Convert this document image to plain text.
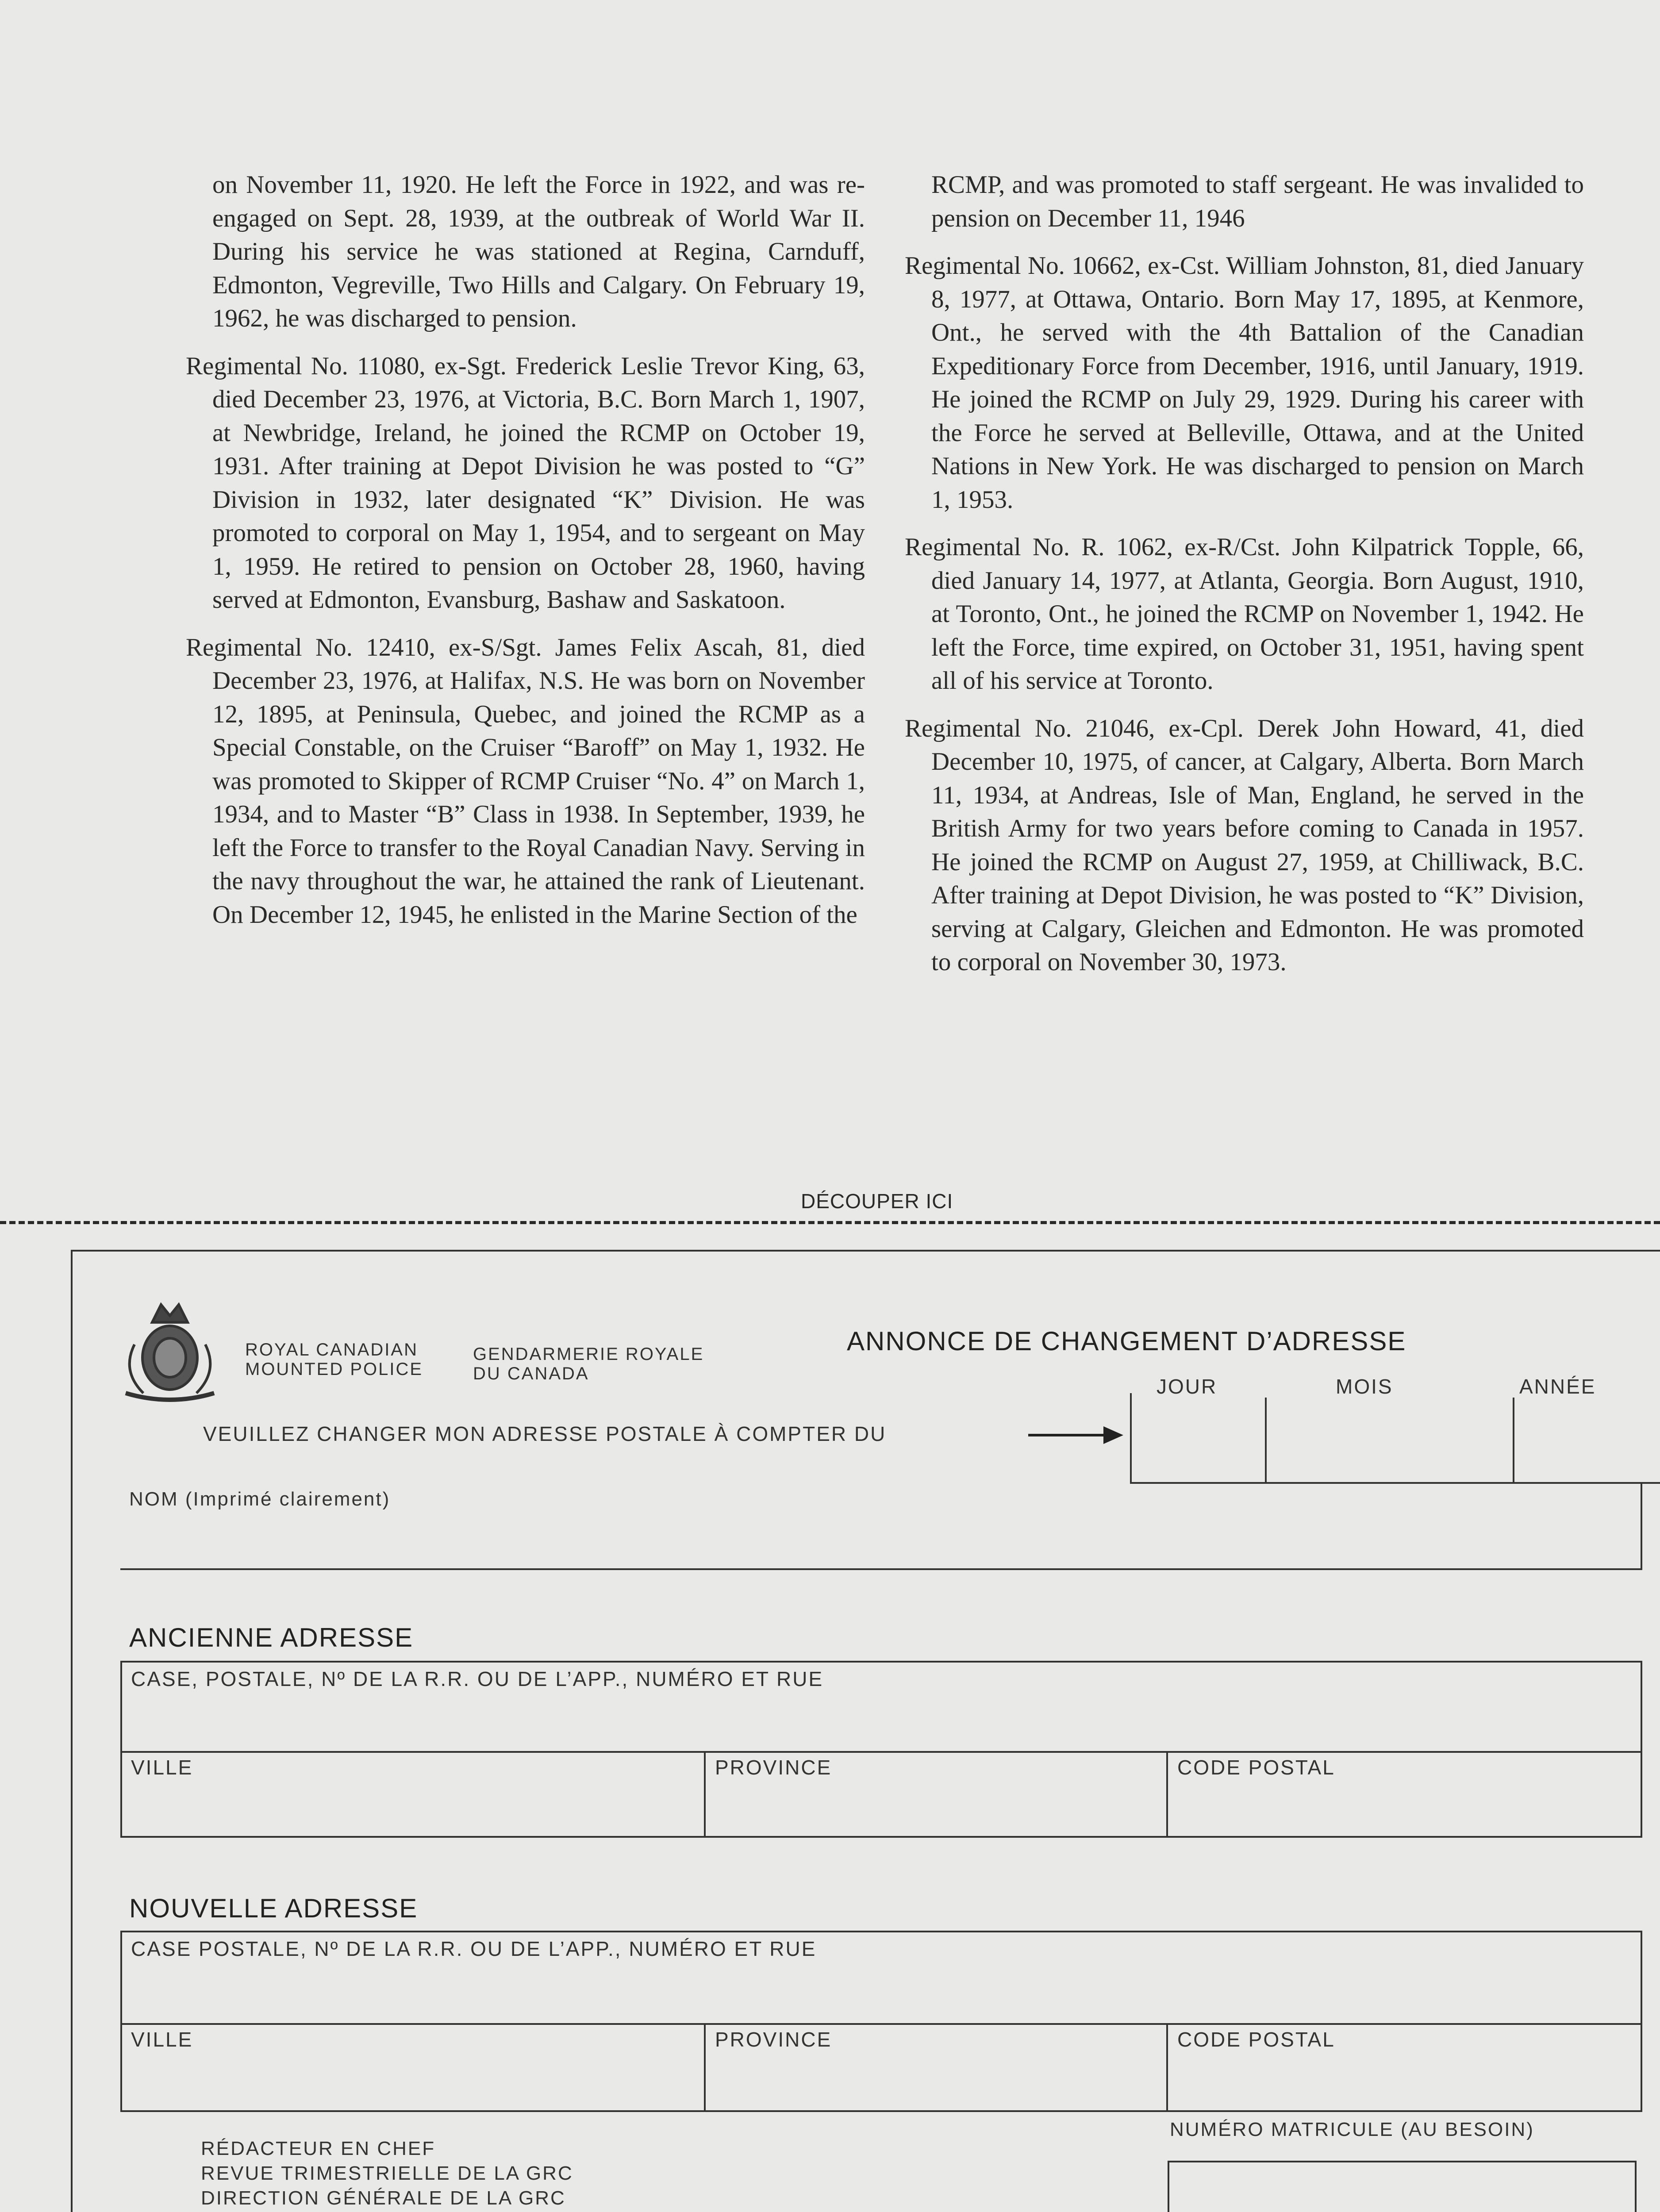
on November 11, 1920. He left the Force in 1922, and was re-engaged on Sept. 28, 1939, at the outbreak of World War II. During his service he was stationed at Regina, Carnduff, Edmonton, Vegreville, Two Hills and Calgary. On February 19, 1962, he was discharged to pension.

Regimental No. 11080, ex-Sgt. Frederick Leslie Trevor King, 63, died December 23, 1976, at Victoria, B.C. Born March 1, 1907, at Newbridge, Ireland, he joined the RCMP on October 19, 1931. After training at Depot Division he was posted to “G” Division in 1932, later designated “K” Division. He was promoted to corporal on May 1, 1954, and to sergeant on May 1, 1959. He retired to pension on October 28, 1960, having served at Edmonton, Evansburg, Bashaw and Saskatoon.

Regimental No. 12410, ex-S/Sgt. James Felix Ascah, 81, died December 23, 1976, at Halifax, N.S. He was born on November 12, 1895, at Peninsula, Quebec, and joined the RCMP as a Special Constable, on the Cruiser “Baroff” on May 1, 1932. He was promoted to Skipper of RCMP Cruiser “No. 4” on March 1, 1934, and to Master “B” Class in 1938. In September, 1939, he left the Force to transfer to the Royal Canadian Navy. Serving in the navy throughout the war, he attained the rank of Lieutenant. On December 12, 1945, he enlisted in the Marine Section of the

RCMP, and was promoted to staff sergeant. He was invalided to pension on December 11, 1946

Regimental No. 10662, ex-Cst. William Johnston, 81, died January 8, 1977, at Ottawa, Ontario. Born May 17, 1895, at Kenmore, Ont., he served with the 4th Battalion of the Canadian Expeditionary Force from December, 1916, until January, 1919. He joined the RCMP on July 29, 1929. During his career with the Force he served at Belleville, Ottawa, and at the United Nations in New York. He was discharged to pension on March 1, 1953.

Regimental No. R. 1062, ex-R/Cst. John Kilpatrick Topple, 66, died January 14, 1977, at Atlanta, Georgia. Born August, 1910, at Toronto, Ont., he joined the RCMP on November 1, 1942. He left the Force, time expired, on October 31, 1951, having spent all of his service at Toronto.

Regimental No. 21046, ex-Cpl. Derek John Howard, 41, died December 10, 1975, of cancer, at Calgary, Alberta. Born March 11, 1934, at Andreas, Isle of Man, England, he served in the British Army for two years before coming to Canada in 1957. He joined the RCMP on August 27, 1959, at Chilliwack, B.C. After training at Depot Division, he was posted to “K” Division, serving at Calgary, Gleichen and Edmonton. He was promoted to corporal on November 30, 1973.

DÉCOUPER ICI
ROYAL CANADIAN
MOUNTED POLICE
GENDARMERIE ROYALE
DU CANADA
ANNONCE DE CHANGEMENT D’ADRESSE
JOUR	MOIS	ANNÉE
VEUILLEZ CHANGER MON ADRESSE POSTALE À COMPTER DU
NOM (Imprimé clairement)
ANCIENNE ADRESSE
CASE, POSTALE, Nº DE LA R.R. OU DE L’APP., NUMÉRO ET RUE
VILLE	PROVINCE	CODE POSTAL
NOUVELLE ADRESSE
CASE POSTALE, Nº DE LA R.R. OU DE L’APP., NUMÉRO ET RUE
VILLE	PROVINCE	CODE POSTAL
RÉDACTEUR EN CHEF
REVUE TRIMESTRIELLE DE LA GRC
DIRECTION GÉNÉRALE DE LA GRC
NUMÉRO MATRICULE (AU BESOIN)
